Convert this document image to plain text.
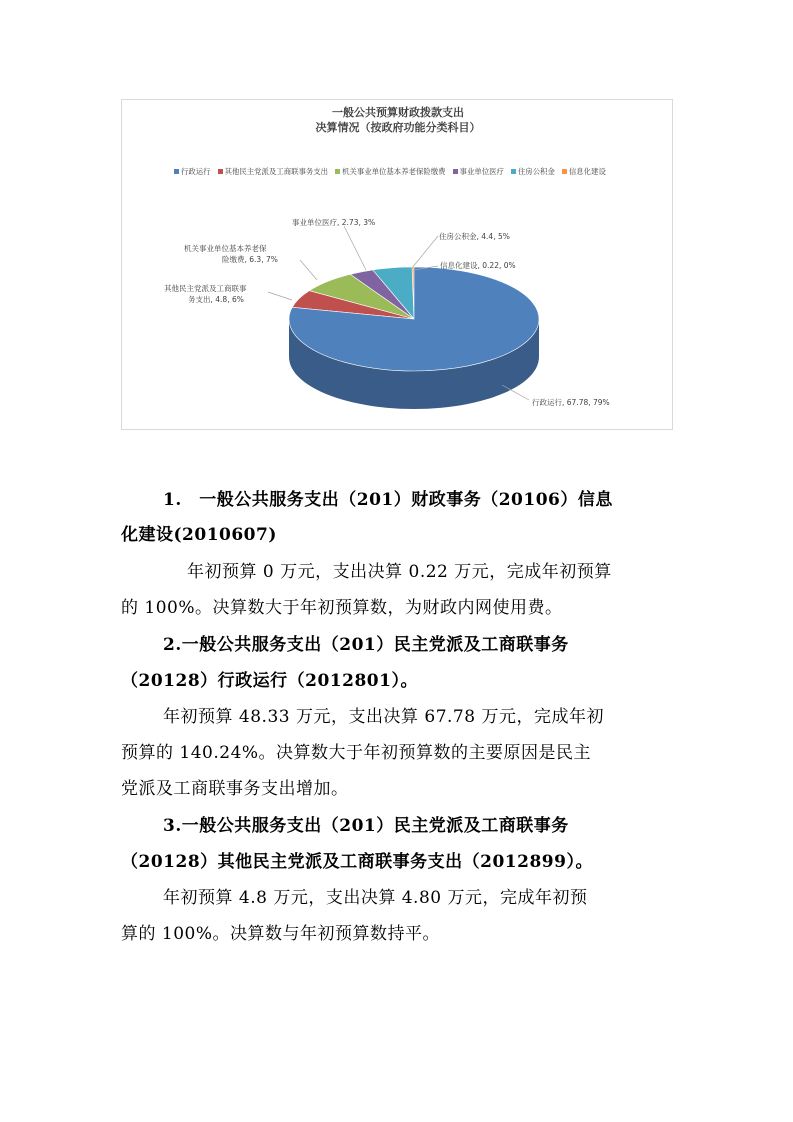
一般公共预算财政拨款支出
决算情况（按政府功能分类科目）
行政运行	其他民主党派及工商联事务支出	机关事业单位基本养老保险缴费	事业单位医疗	住房公积金	信息化建设
事业单位医疗, 2.73, 3%
机关事业单位基本养老保
险缴费, 6.3, 7%
其他民主党派及工商联事
务支出, 4.8, 6%
住房公积金, 4.4, 5%
信息化建设, 0.22, 0%
行政运行, 67.78, 79%
1.　一般公共服务支出（201）财政事务（20106）信息
化建设(2010607)
年初预算 0 万元，支出决算 0.22 万元，完成年初预算
的 100%。决算数大于年初预算数，为财政内网使用费。
2.一般公共服务支出（201）民主党派及工商联事务
（20128）行政运行（2012801）。
年初预算 48.33 万元，支出决算 67.78 万元，完成年初
预算的 140.24%。决算数大于年初预算数的主要原因是民主
党派及工商联事务支出增加。
3.一般公共服务支出（201）民主党派及工商联事务
（20128）其他民主党派及工商联事务支出（2012899）。
年初预算 4.8 万元，支出决算 4.80 万元，完成年初预
算的 100%。决算数与年初预算数持平。
